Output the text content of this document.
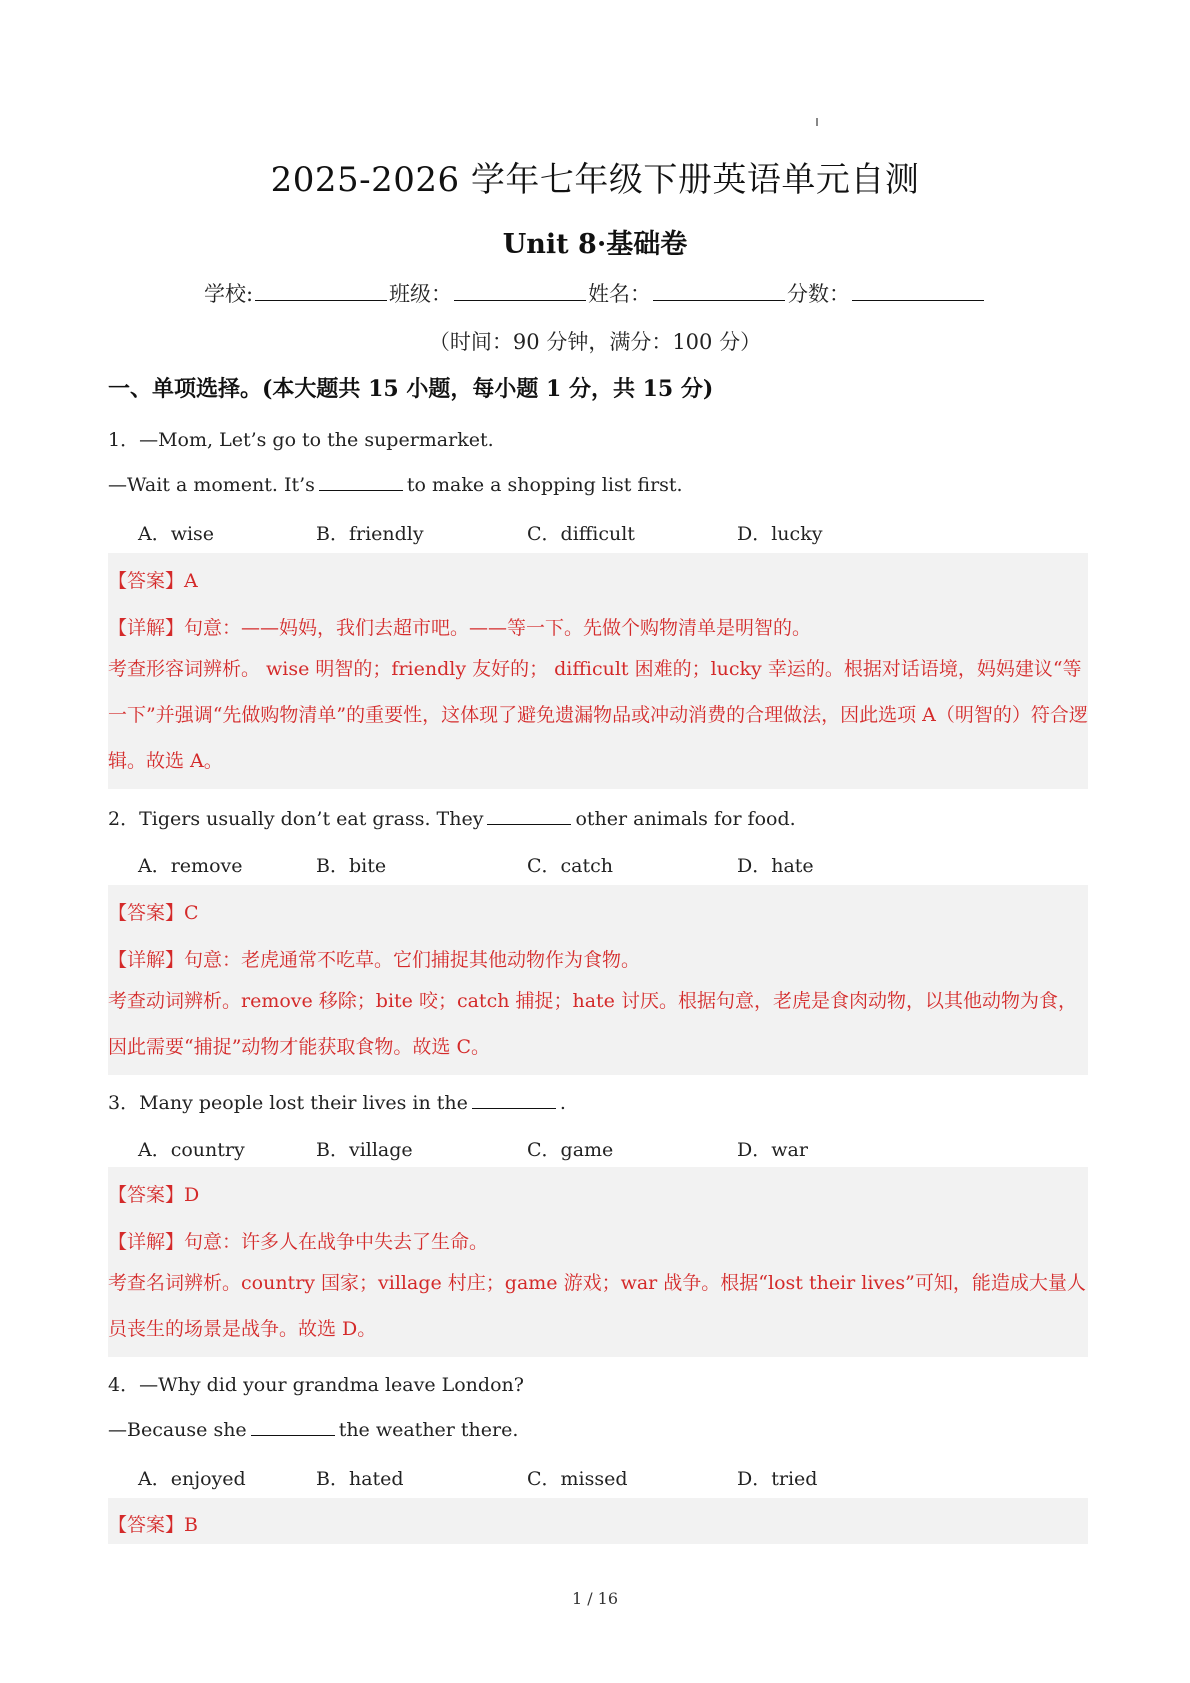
2025-2026 学年七年级下册英语单元自测
Unit 8·基础卷
学校:	班级：	姓名：	分数：
（时间：90 分钟，满分：100 分）
一、单项选择。(本大题共 15 小题，每小题 1 分，共 15 分)
1．—Mom, Let’s go to the supermarket.
—Wait a moment. It’s	to make a shopping list first.
A．wise	B．friendly	C．difficult	D．lucky
【答案】A
【详解】句意：——妈妈，我们去超市吧。——等一下。先做个购物清单是明智的。
考查形容词辨析。 wise 明智的；friendly 友好的； difficult 困难的；lucky 幸运的。根据对话语境，妈妈建议“等一下”并强调“先做购物清单”的重要性，这体现了避免遗漏物品或冲动消费的合理做法，因此选项 A（明智的）符合逻辑。故选 A。
2．Tigers usually don’t eat grass. They	other animals for food.
A．remove	B．bite	C．catch	D．hate
【答案】C
【详解】句意：老虎通常不吃草。它们捕捉其他动物作为食物。
考查动词辨析。remove 移除；bite 咬；catch 捕捉；hate 讨厌。根据句意，老虎是食肉动物，以其他动物为食，因此需要“捕捉”动物才能获取食物。故选 C。
3．Many people lost their lives in the	.
A．country	B．village	C．game	D．war
【答案】D
【详解】句意：许多人在战争中失去了生命。
考查名词辨析。country 国家；village 村庄；game 游戏；war 战争。根据“lost their lives”可知，能造成大量人员丧生的场景是战争。故选 D。
4．—Why did your grandma leave London?
—Because she	the weather there.
A．enjoyed	B．hated	C．missed	D．tried
【答案】B
1 / 16
